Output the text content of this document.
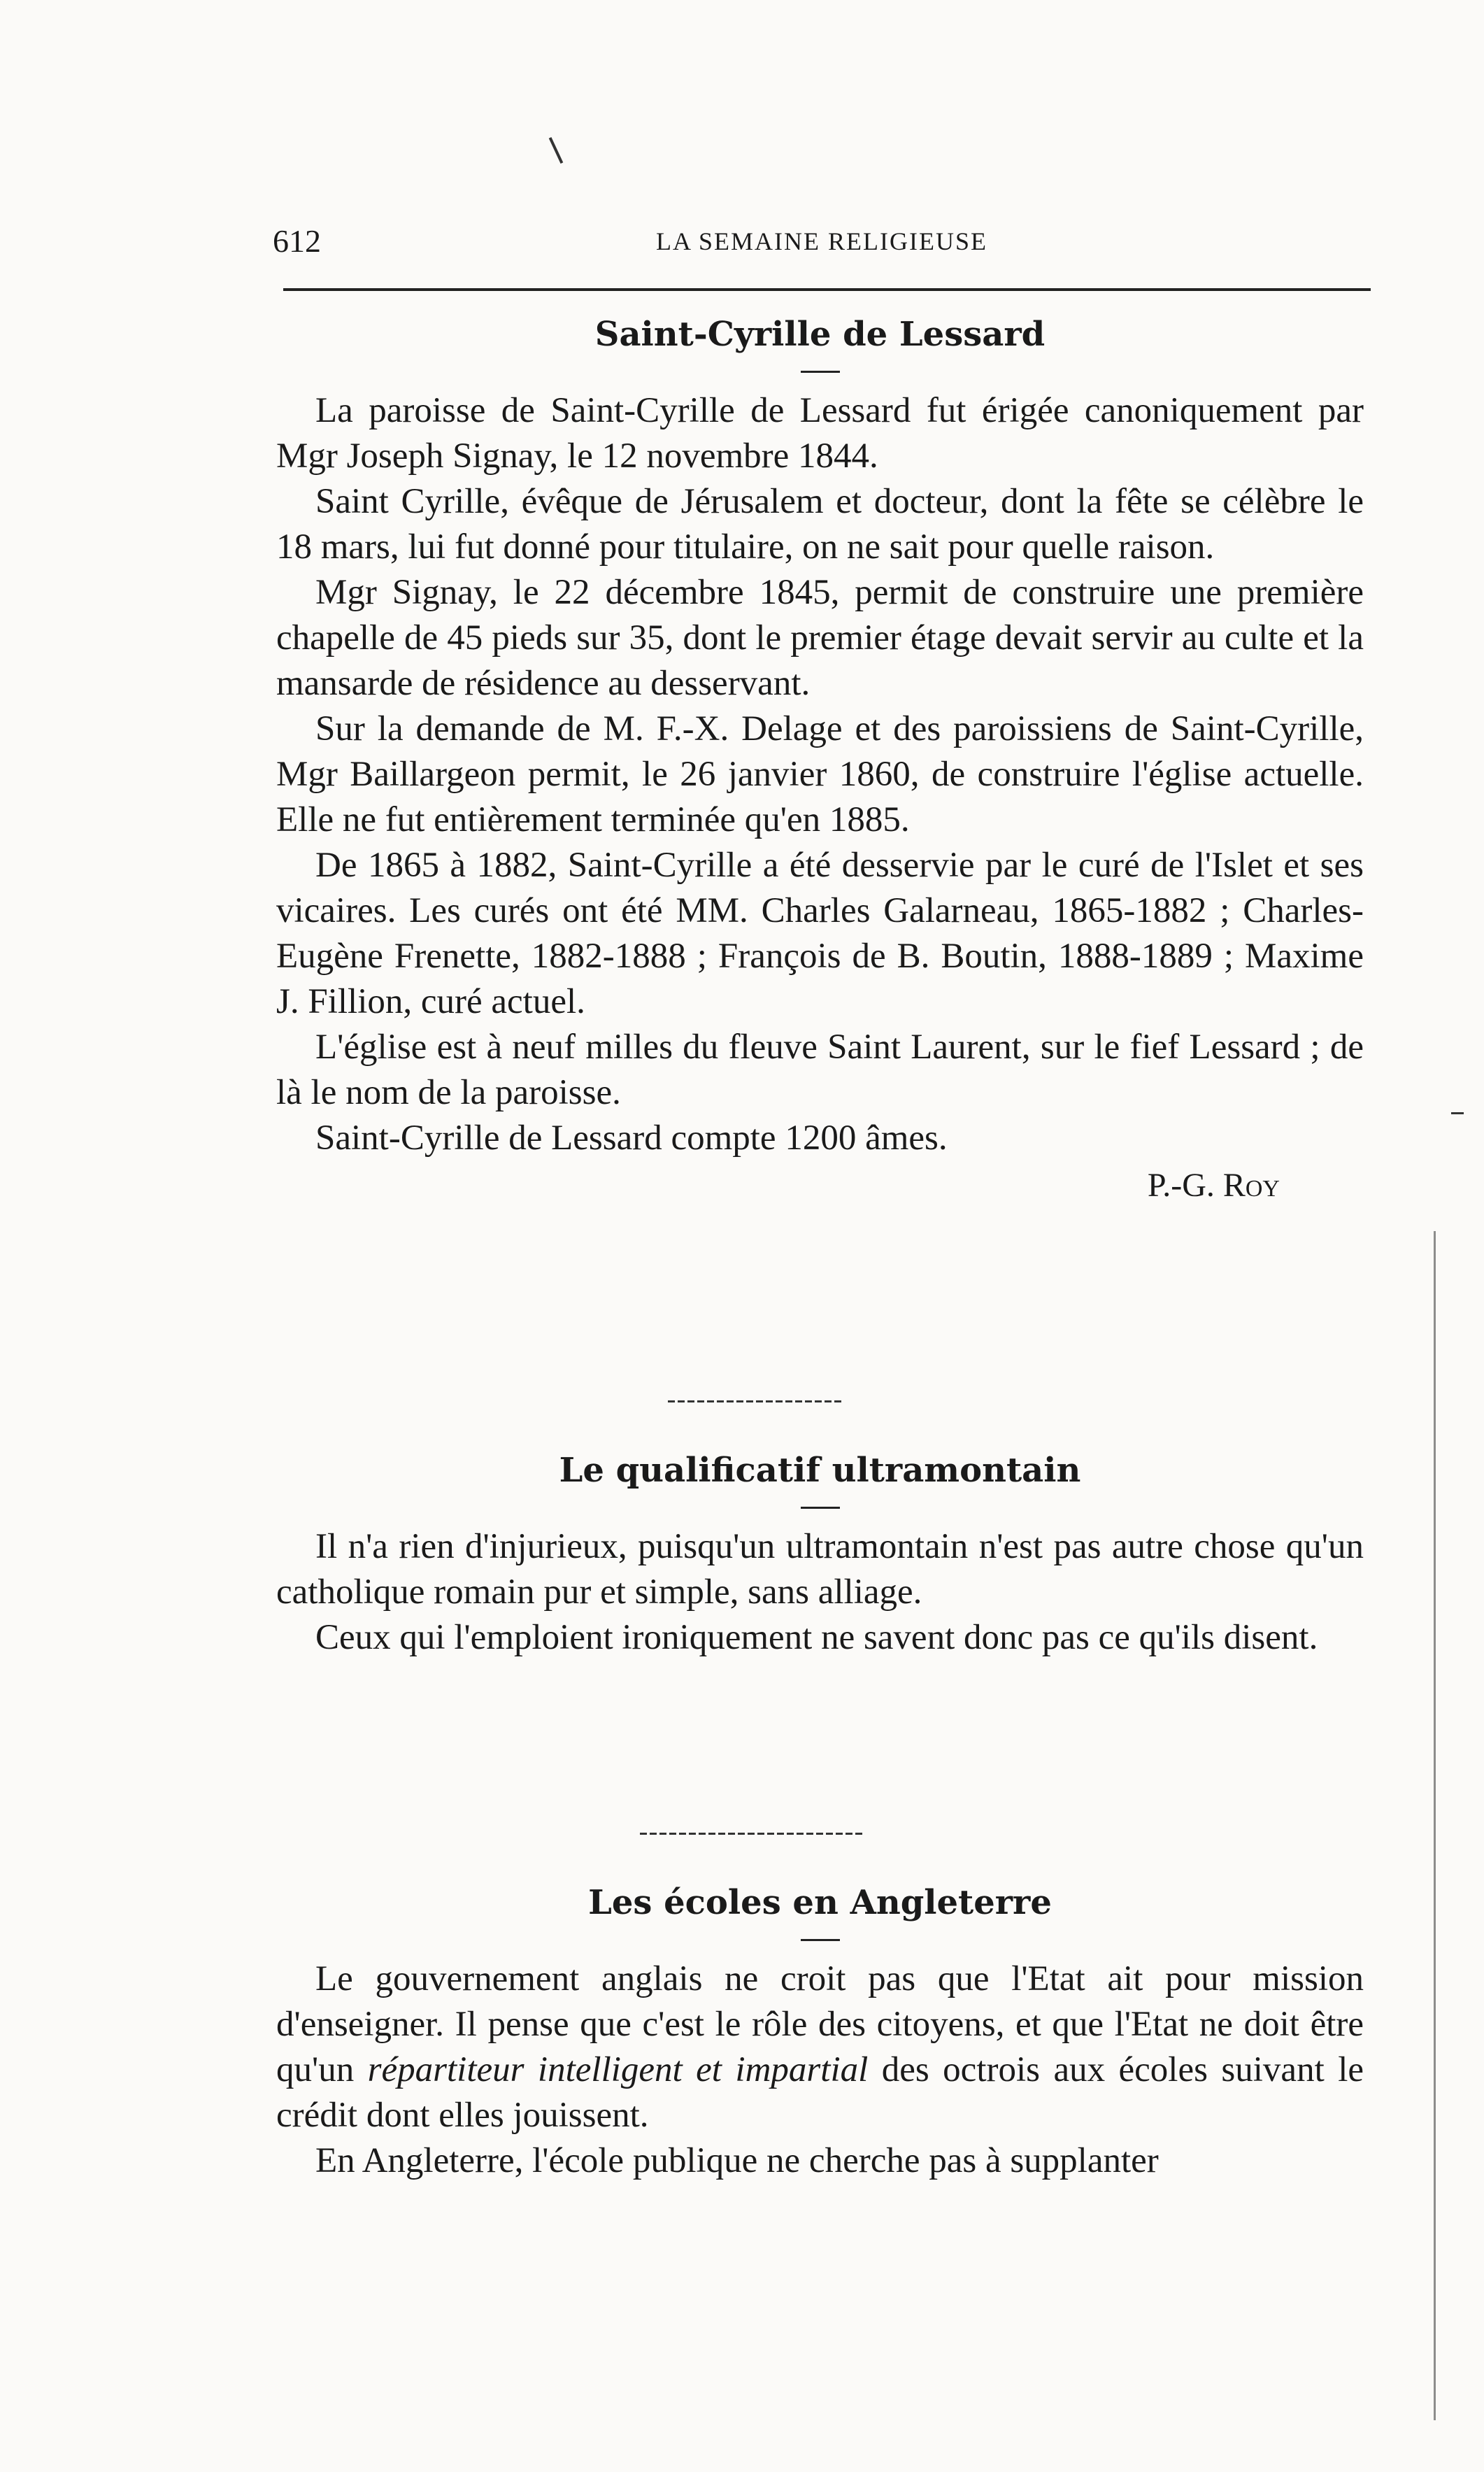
612	LA SEMAINE RELIGIEUSE
Saint-Cyrille de Lessard

La paroisse de Saint-Cyrille de Lessard fut érigée canoniquement par Mgr Joseph Signay, le 12 novembre 1844.

Saint Cyrille, évêque de Jérusalem et docteur, dont la fête se célèbre le 18 mars, lui fut donné pour titulaire, on ne sait pour quelle raison.

Mgr Signay, le 22 décembre 1845, permit de construire une première chapelle de 45 pieds sur 35, dont le premier étage devait servir au culte et la mansarde de résidence au desservant.

Sur la demande de M. F.-X. Delage et des paroissiens de Saint-Cyrille, Mgr Baillargeon permit, le 26 janvier 1860, de construire l'église actuelle. Elle ne fut entièrement terminée qu'en 1885.

De 1865 à 1882, Saint-Cyrille a été desservie par le curé de l'Islet et ses vicaires. Les curés ont été MM. Charles Galarneau, 1865-1882 ; Charles-Eugène Frenette, 1882-1888 ; François de B. Boutin, 1888-1889 ; Maxime J. Fillion, curé actuel.

L'église est à neuf milles du fleuve Saint Laurent, sur le fief Lessard ; de là le nom de la paroisse.

Saint-Cyrille de Lessard compte 1200 âmes.

P.-G. Roy
Le qualificatif ultramontain

Il n'a rien d'injurieux, puisqu'un ultramontain n'est pas autre chose qu'un catholique romain pur et simple, sans alliage.

Ceux qui l'emploient ironiquement ne savent donc pas ce qu'ils disent.

Les écoles en Angleterre

Le gouvernement anglais ne croit pas que l'Etat ait pour mission d'enseigner. Il pense que c'est le rôle des citoyens, et que l'Etat ne doit être qu'un répartiteur intelligent et impartial des octrois aux écoles suivant le crédit dont elles jouissent.

En Angleterre, l'école publique ne cherche pas à supplanter
